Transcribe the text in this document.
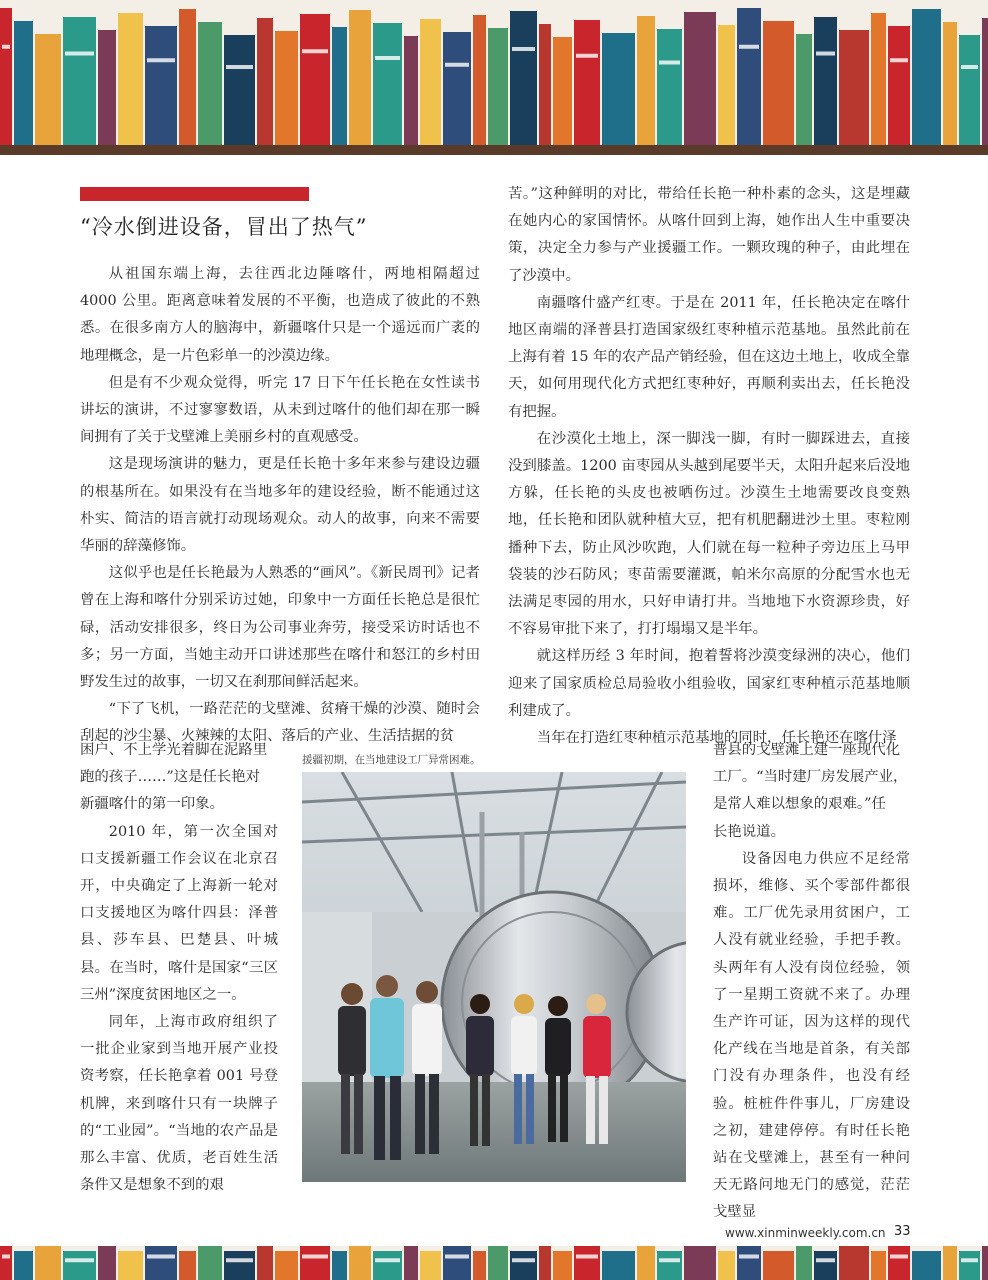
“冷水倒进设备，冒出了热气”

从祖国东端上海，去往西北边陲喀什，两地相隔超过 4000 公里。距离意味着发展的不平衡，也造成了彼此的不熟悉。在很多南方人的脑海中，新疆喀什只是一个遥远而广袤的地理概念，是一片色彩单一的沙漠边缘。

但是有不少观众觉得，听完 17 日下午任长艳在女性读书讲坛的演讲，不过寥寥数语，从未到过喀什的他们却在那一瞬间拥有了关于戈壁滩上美丽乡村的直观感受。

这是现场演讲的魅力，更是任长艳十多年来参与建设边疆的根基所在。如果没有在当地多年的建设经验，断不能通过这朴实、简洁的语言就打动现场观众。动人的故事，向来不需要华丽的辞藻修饰。

这似乎也是任长艳最为人熟悉的“画风”。《新民周刊》记者曾在上海和喀什分别采访过她，印象中一方面任长艳总是很忙碌，活动安排很多，终日为公司事业奔劳，接受采访时话也不多；另一方面，当她主动开口讲述那些在喀什和怒江的乡村田野发生过的故事，一切又在刹那间鲜活起来。

“下了飞机，一路茫茫的戈壁滩、贫瘠干燥的沙漠、随时会刮起的沙尘暴、火辣辣的太阳、落后的产业、生活拮据的贫

困户、不上学光着脚在泥路里

跑的孩子……”这是任长艳对

新疆喀什的第一印象。

2010 年，第一次全国对口支援新疆工作会议在北京召开，中央确定了上海新一轮对口支援地区为喀什四县：泽普县、莎车县、巴楚县、叶城县。在当时，喀什是国家“三区三州”深度贫困地区之一。

同年，上海市政府组织了一批企业家到当地开展产业投资考察，任长艳拿着 001 号登机牌，来到喀什只有一块牌子的“工业园”。“当地的农产品是那么丰富、优质，老百姓生活条件又是想象不到的艰

苦。”这种鲜明的对比，带给任长艳一种朴素的念头，这是埋藏在她内心的家国情怀。从喀什回到上海，她作出人生中重要决策，决定全力参与产业援疆工作。一颗玫瑰的种子，由此埋在了沙漠中。

南疆喀什盛产红枣。于是在 2011 年，任长艳决定在喀什地区南端的泽普县打造国家级红枣种植示范基地。虽然此前在上海有着 15 年的农产品产销经验，但在这边土地上，收成全靠天，如何用现代化方式把红枣种好，再顺利卖出去，任长艳没有把握。

在沙漠化土地上，深一脚浅一脚，有时一脚踩进去，直接没到膝盖。1200 亩枣园从头越到尾要半天，太阳升起来后没地方躲，任长艳的头皮也被晒伤过。沙漠生土地需要改良变熟地，任长艳和团队就种植大豆，把有机肥翻进沙土里。枣粒刚播种下去，防止风沙吹跑，人们就在每一粒种子旁边压上马甲袋装的沙石防风；枣苗需要灌溉，帕米尔高原的分配雪水也无法满足枣园的用水，只好申请打井。当地地下水资源珍贵，好不容易审批下来了，打打塌塌又是半年。

就这样历经 3 年时间，抱着誓将沙漠变绿洲的决心，他们迎来了国家质检总局验收小组验收，国家红枣种植示范基地顺利建成了。

当年在打造红枣种植示范基地的同时，任长艳还在喀什泽

普县的戈壁滩上建一座现代化

工厂。“当时建厂房发展产业，

是常人难以想象的艰难。”任

长艳说道。

设备因电力供应不足经常损坏，维修、买个零部件都很难。工厂优先录用贫困户，工人没有就业经验，手把手教。头两年有人没有岗位经验，领了一星期工资就不来了。办理生产许可证，因为这样的现代化产线在当地是首条，有关部门没有办理条件，也没有经验。桩桩件件事儿，厂房建设之初，建建停停。有时任长艳站在戈壁滩上，甚至有一种问天无路问地无门的感觉，茫茫戈壁显

援疆初期，在当地建设工厂异常困难。

www.xinminweekly.com.cn 33
